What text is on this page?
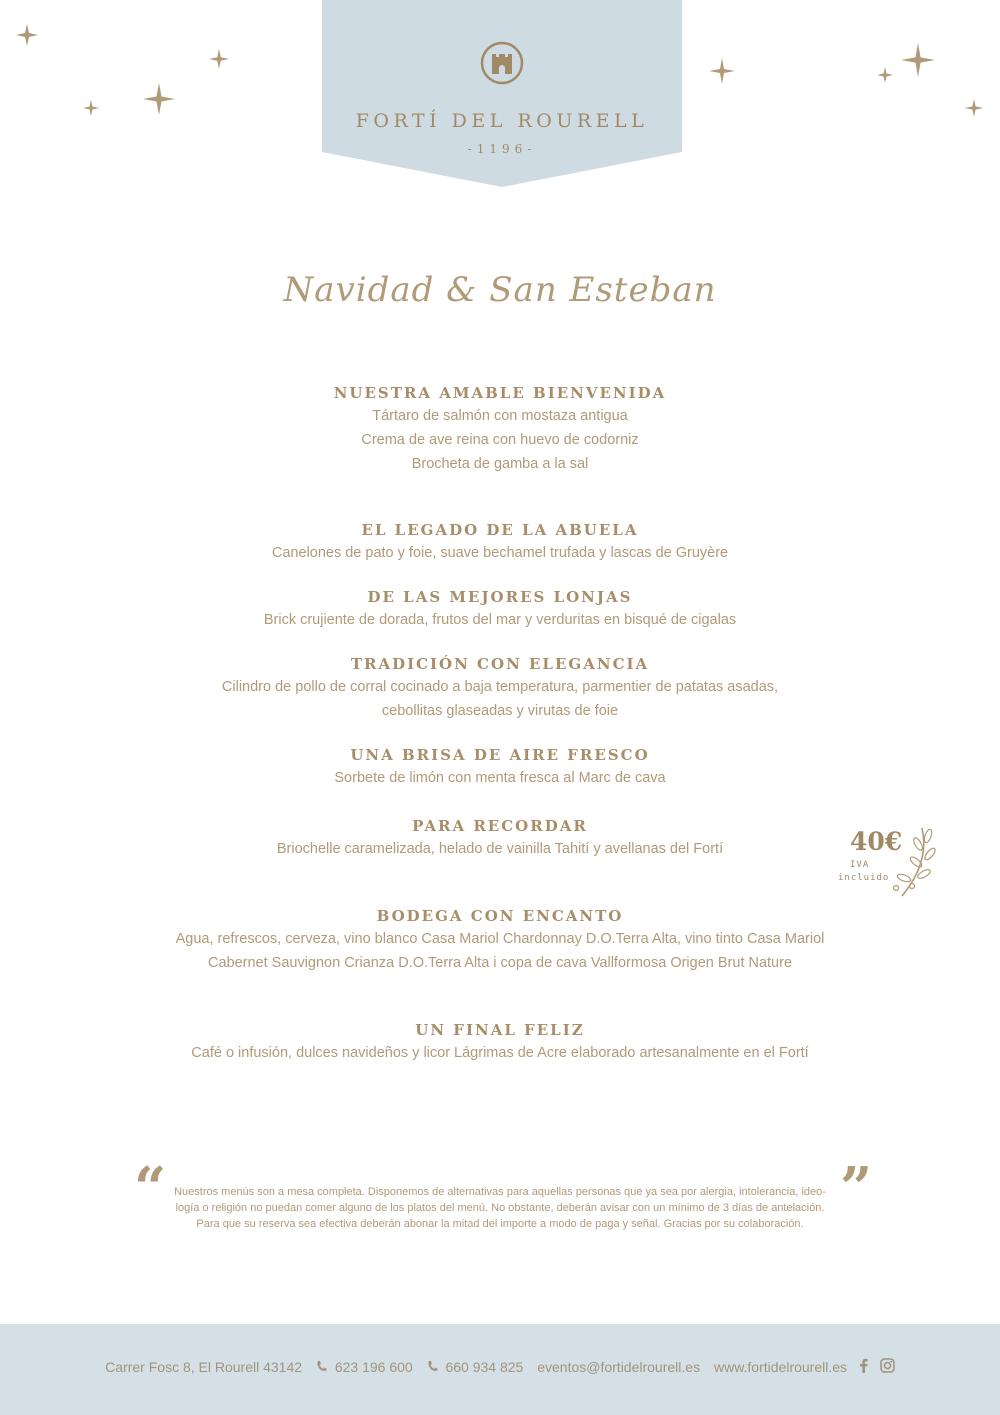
FORTÍ DEL ROURELL
-1196-
Navidad & San Esteban
NUESTRA AMABLE BIENVENIDA

Tártaro de salmón con mostaza antigua

Crema de ave reina con huevo de codorniz

Brocheta de gamba a la sal

EL LEGADO DE LA ABUELA

Canelones de pato y foie, suave bechamel trufada y lascas de Gruyère

DE LAS MEJORES LONJAS

Brick crujiente de dorada, frutos del mar y verduritas en bisqué de cigalas

TRADICIÓN CON ELEGANCIA

Cilindro de pollo de corral cocinado a baja temperatura, parmentier de patatas asadas,

cebollitas glaseadas y virutas de foie

UNA BRISA DE AIRE FRESCO

Sorbete de limón con menta fresca al Marc de cava

PARA RECORDAR

Briochelle caramelizada, helado de vainilla Tahití y avellanas del Fortí

BODEGA CON ENCANTO

Agua, refrescos, cerveza, vino blanco Casa Mariol Chardonnay D.O.Terra Alta, vino tinto Casa Mariol

Cabernet Sauvignon Crianza D.O.Terra Alta i copa de cava Vallformosa Origen Brut Nature

UN FINAL FELIZ

Café o infusión, dulces navideños y licor Lágrimas de Acre elaborado artesanalmente en el Fortí

40€
IVA
incluido
“	”
Nuestros menús son a mesa completa. Disponemos de alternativas para aquellas personas que ya sea por alergia, intolerancia, ideo-
logía o religión no puedan comer alguno de los platos del menú. No obstante, deberán avisar con un mínimo de 3 días de antelación.
Para que su reserva sea efectiva deberán abonar la mitad del importe a modo de paga y señal. Gracias por su colaboración.
Carrer Fosc 8, El Rourell 43142 623 196 600 660 934 825 eventos@fortidelrourell.es www.fortidelrourell.es
